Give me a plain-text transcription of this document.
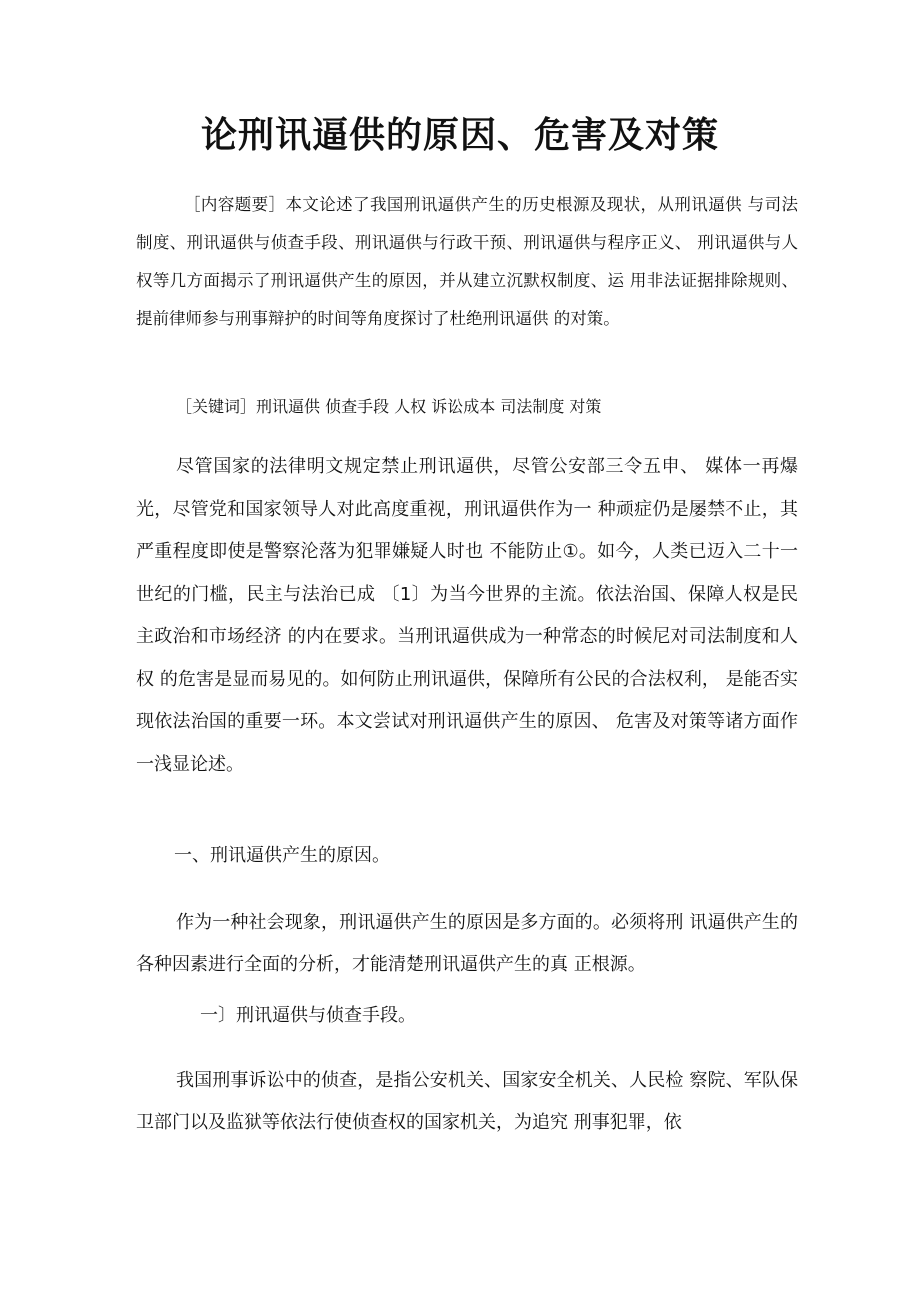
论刑讯逼供的原因、危害及对策

［内容题要］本文论述了我国刑讯逼供产生的历史根源及现状，从刑讯逼供 与司法制度、刑讯逼供与侦查手段、刑讯逼供与行政干预、刑讯逼供与程序正义、 刑讯逼供与人权等几方面揭示了刑讯逼供产生的原因，并从建立沉默权制度、运 用非法证据排除规则、提前律师参与刑事辩护的时间等角度探讨了杜绝刑讯逼供 的对策。

［关键词］刑讯逼供 侦查手段 人权 诉讼成本 司法制度 对策

尽管国家的法律明文规定禁止刑讯逼供，尽管公安部三令五申、 媒体一再爆光，尽管党和国家领导人对此高度重视，刑讯逼供作为一 种顽症仍是屡禁不止，其严重程度即使是警察沦落为犯罪嫌疑人时也 不能防止①。如今，人类已迈入二十一世纪的门槛，民主与法治已成 〔1〕为当今世界的主流。依法治国、保障人权是民主政治和市场经济 的内在要求。当刑讯逼供成为一种常态的时候尼对司法制度和人权 的危害是显而易见的。如何防止刑讯逼供，保障所有公民的合法权利， 是能否实现依法治国的重要一环。本文尝试对刑讯逼供产生的原因、 危害及对策等诸方面作一浅显论述。

一、刑讯逼供产生的原因。

作为一种社会现象，刑讯逼供产生的原因是多方面的。必须将刑 讯逼供产生的各种因素进行全面的分析，才能清楚刑讯逼供产生的真 正根源。

一〕刑讯逼供与侦查手段。

我国刑事诉讼中的侦查，是指公安机关、国家安全机关、人民检 察院、军队保卫部门以及监狱等依法行使侦查权的国家机关，为追究 刑事犯罪，依
